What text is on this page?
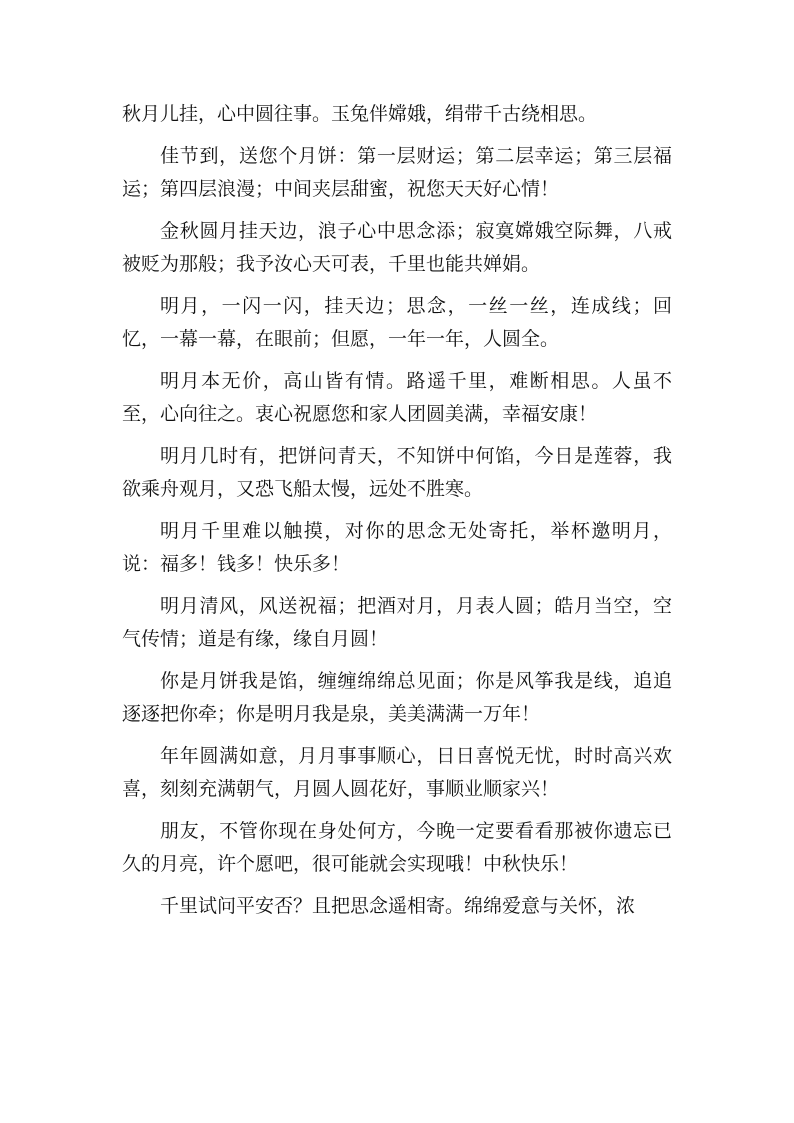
秋月儿挂，心中圆往事。玉兔伴嫦娥，绢带千古绕相思。

佳节到，送您个月饼：第一层财运；第二层幸运；第三层福运；第四层浪漫；中间夹层甜蜜，祝您天天好心情！

金秋圆月挂天边，浪子心中思念添；寂寞嫦娥空际舞，八戒被贬为那般；我予汝心天可表，千里也能共婵娟。

明月，一闪一闪，挂天边；思念，一丝一丝，连成线；回忆，一幕一幕，在眼前；但愿，一年一年，人圆全。

明月本无价，高山皆有情。路遥千里，难断相思。人虽不至，心向往之。衷心祝愿您和家人团圆美满，幸福安康！

明月几时有，把饼问青天，不知饼中何馅，今日是莲蓉，我欲乘舟观月，又恐飞船太慢，远处不胜寒。

明月千里难以触摸，对你的思念无处寄托，举杯邀明月，说：福多！钱多！快乐多！

明月清风，风送祝福；把酒对月，月表人圆；皓月当空，空气传情；道是有缘，缘自月圆！

你是月饼我是馅，缠缠绵绵总见面；你是风筝我是线，追追逐逐把你牵；你是明月我是泉，美美满满一万年！

年年圆满如意，月月事事顺心，日日喜悦无忧，时时高兴欢喜，刻刻充满朝气，月圆人圆花好，事顺业顺家兴！

朋友，不管你现在身处何方，今晚一定要看看那被你遗忘已久的月亮，许个愿吧，很可能就会实现哦！中秋快乐！

千里试问平安否？且把思念遥相寄。绵绵爱意与关怀，浓
